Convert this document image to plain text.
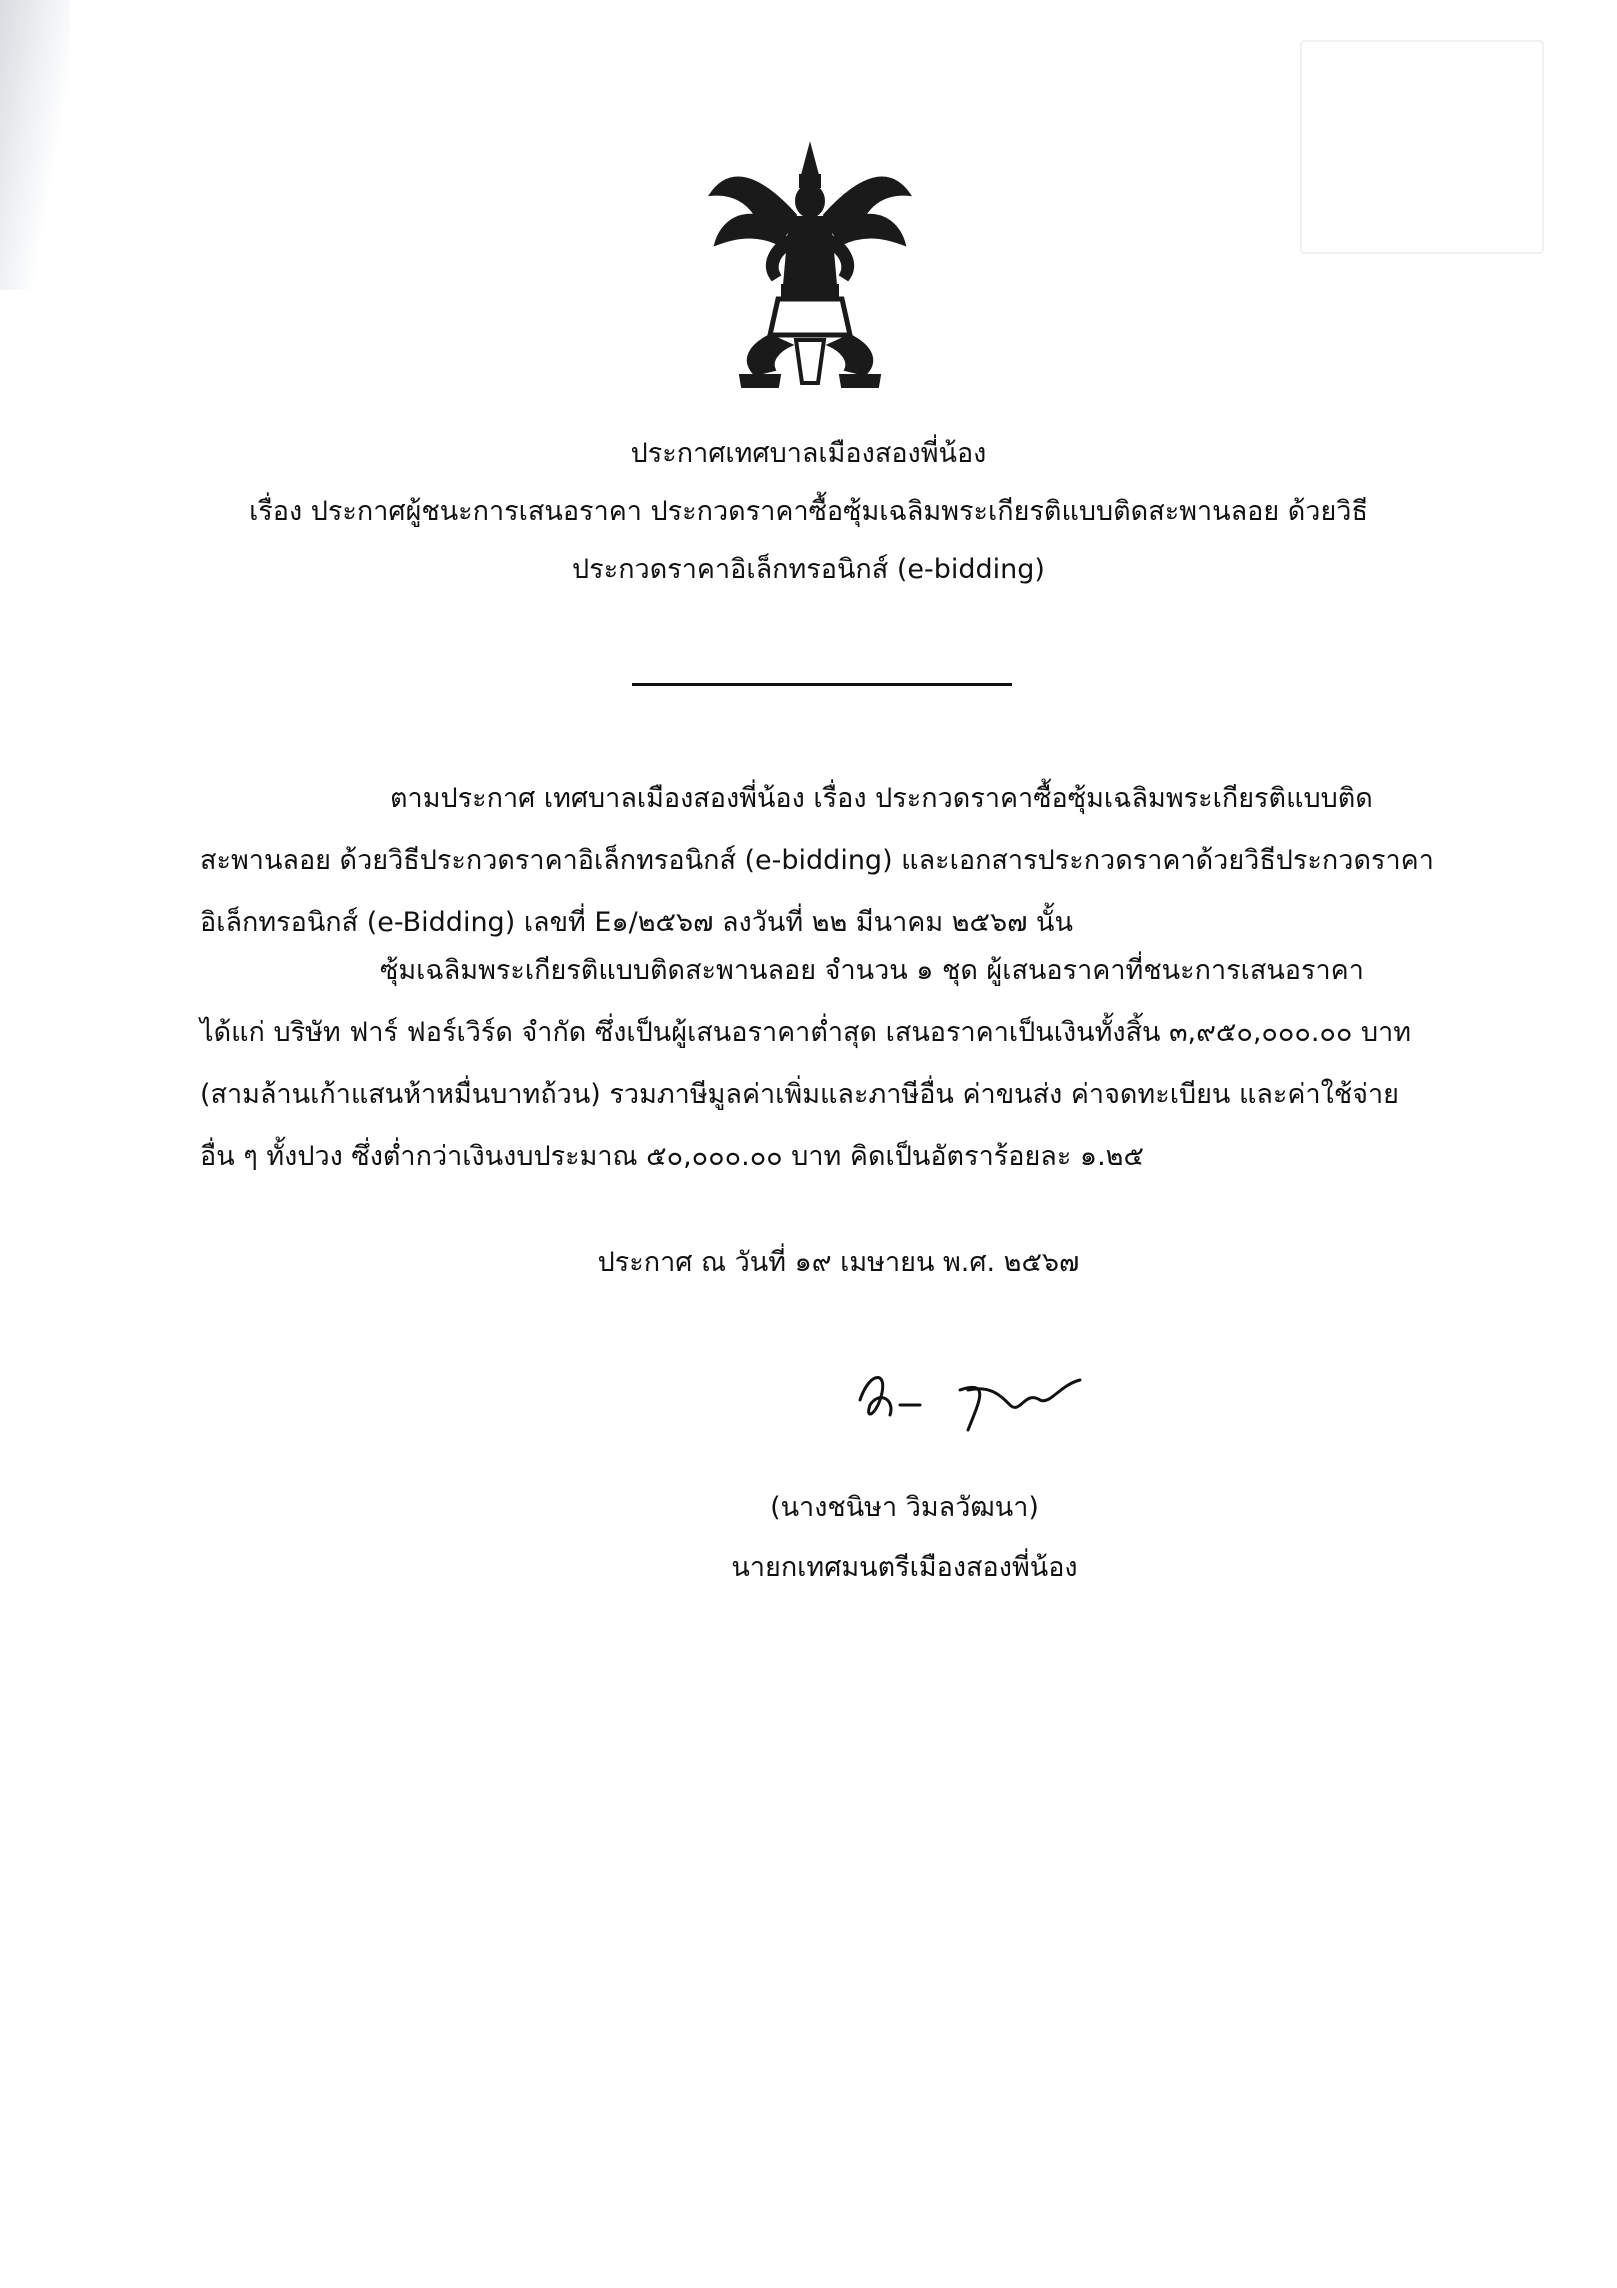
ประกาศเทศบาลเมืองสองพี่น้อง
เรื่อง ประกาศผู้ชนะการเสนอราคา ประกวดราคาซื้อซุ้มเฉลิมพระเกียรติแบบติดสะพานลอย ด้วยวิธี
ประกวดราคาอิเล็กทรอนิกส์ (e-bidding)
ตามประกาศ เทศบาลเมืองสองพี่น้อง เรื่อง ประกวดราคาซื้อซุ้มเฉลิมพระเกียรติแบบติด
สะพานลอย ด้วยวิธีประกวดราคาอิเล็กทรอนิกส์ (e-bidding) และเอกสารประกวดราคาด้วยวิธีประกวดราคา
อิเล็กทรอนิกส์ (e-Bidding) เลขที่ E๑/๒๕๖๗ ลงวันที่ ๒๒ มีนาคม ๒๕๖๗ นั้น
ซุ้มเฉลิมพระเกียรติแบบติดสะพานลอย จำนวน ๑ ชุด ผู้เสนอราคาที่ชนะการเสนอราคา
ได้แก่ บริษัท ฟาร์ ฟอร์เวิร์ด จำกัด ซึ่งเป็นผู้เสนอราคาต่ำสุด เสนอราคาเป็นเงินทั้งสิ้น ๓,๙๕๐,๐๐๐.๐๐ บาท
(สามล้านเก้าแสนห้าหมื่นบาทถ้วน) รวมภาษีมูลค่าเพิ่มและภาษีอื่น ค่าขนส่ง ค่าจดทะเบียน และค่าใช้จ่าย
อื่น ๆ ทั้งปวง ซึ่งต่ำกว่าเงินงบประมาณ ๕๐,๐๐๐.๐๐ บาท คิดเป็นอัตราร้อยละ ๑.๒๕
ประกาศ ณ วันที่ ๑๙ เมษายน พ.ศ. ๒๕๖๗
(นางชนิษา วิมลวัฒนา)
นายกเทศมนตรีเมืองสองพี่น้อง
